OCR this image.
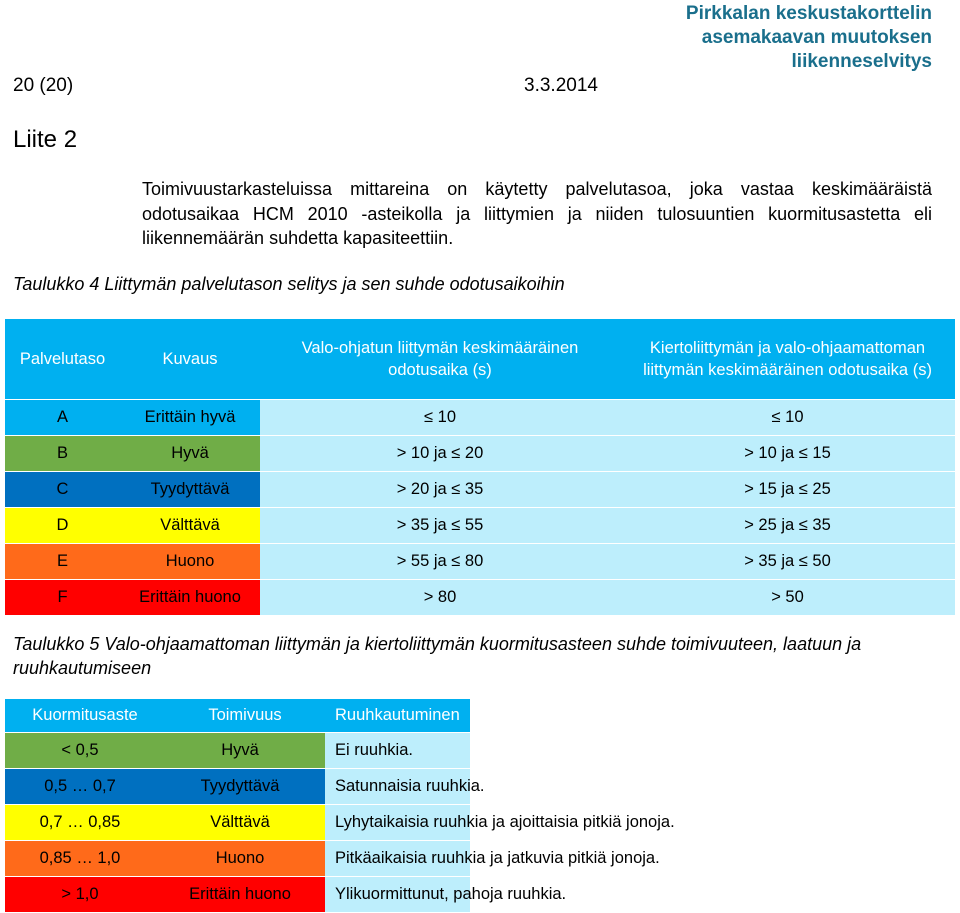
Pirkkalan keskustakorttelin
asemakaavan muutoksen
liikenneselvitys
20 (20)	3.3.2014
Liite 2
Toimivuustarkasteluissa mittareina on käytetty palvelutasoa, joka vastaa keskimääräistä odotusaikaa HCM 2010 -asteikolla ja liittymien ja niiden tulosuuntien kuormitusastetta eli liikennemäärän suhdetta kapasiteettiin.
Taulukko 4 Liittymän palvelutason selitys ja sen suhde odotusaikoihin
Palvelutaso	Kuvaus	Valo-ohjatun liittymän keskimääräinen odotusaika (s)	Kiertoliittymän ja valo-ohjaamattoman liittymän keskimääräinen odotusaika (s)
A	Erittäin hyvä	≤ 10	≤ 10
B	Hyvä	> 10 ja ≤ 20	> 10 ja ≤ 15
C	Tyydyttävä	> 20 ja ≤ 35	> 15 ja ≤ 25
D	Välttävä	> 35 ja ≤ 55	> 25 ja ≤ 35
E	Huono	> 55 ja ≤ 80	> 35 ja ≤ 50
F	Erittäin huono	> 80	> 50
Taulukko 5 Valo-ohjaamattoman liittymän ja kiertoliittymän kuormitusasteen suhde toimivuuteen, laatuun ja ruuhkautumiseen
Kuormitusaste	Toimivuus	Ruuhkautuminen
< 0,5	Hyvä	Ei ruuhkia.
0,5 … 0,7	Tyydyttävä	Satunnaisia ruuhkia.
0,7 … 0,85	Välttävä	Lyhytaikaisia ruuhkia ja ajoittaisia pitkiä jonoja.
0,85 … 1,0	Huono	Pitkäaikaisia ruuhkia ja jatkuvia pitkiä jonoja.
> 1,0	Erittäin huono	Ylikuormittunut, pahoja ruuhkia.
